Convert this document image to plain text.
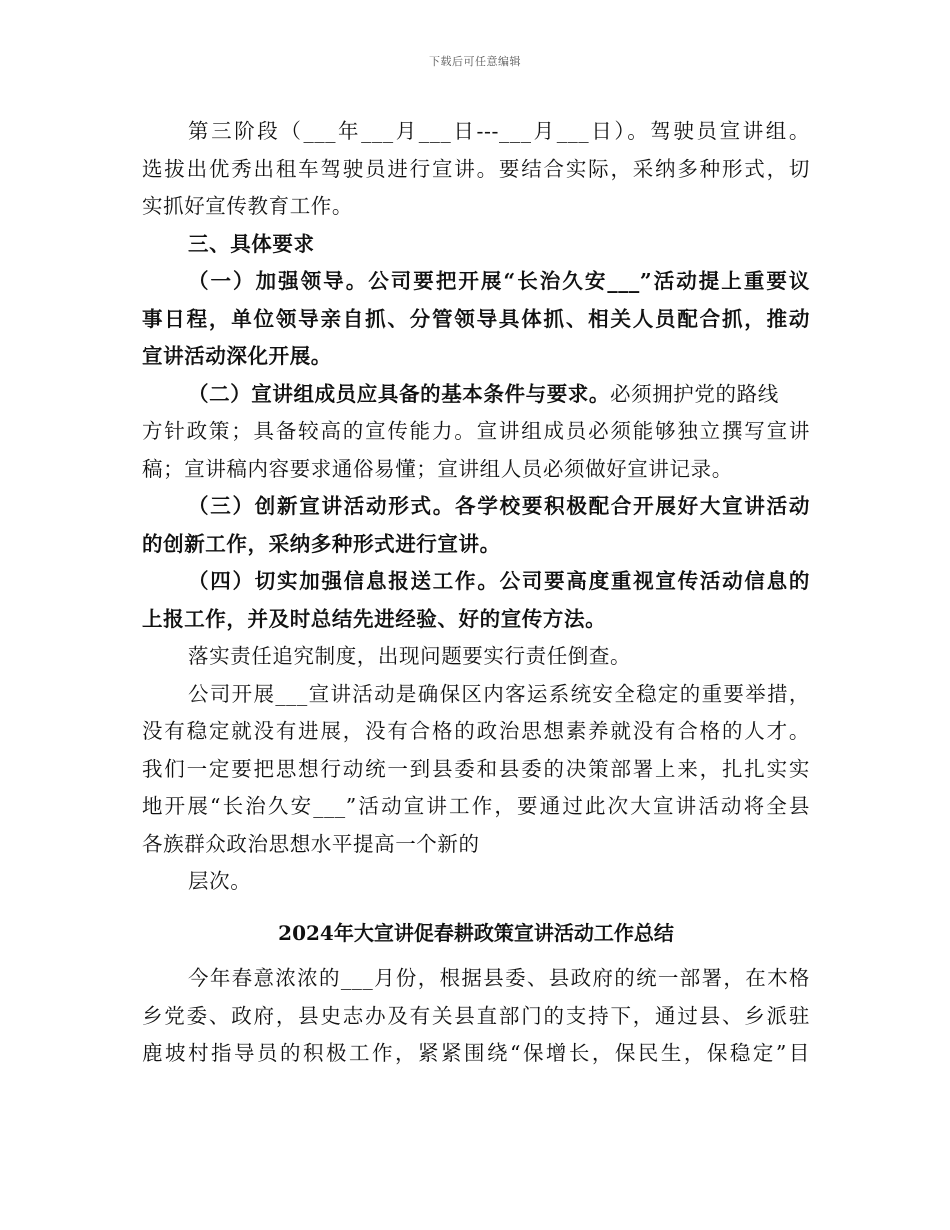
下载后可任意编辑
第三阶段（___年___月___日---___月___日）。驾驶员宣讲组。
选拔出优秀出租车驾驶员进行宣讲。要结合实际，采纳多种形式，切
实抓好宣传教育工作。
三、具体要求
（一）加强领导。公司要把开展“长治久安___”活动提上重要议
事日程，单位领导亲自抓、分管领导具体抓、相关人员配合抓，推动
宣讲活动深化开展。
（二）宣讲组成员应具备的基本条件与要求。必须拥护党的路线
方针政策；具备较高的宣传能力。宣讲组成员必须能够独立撰写宣讲
稿；宣讲稿内容要求通俗易懂；宣讲组人员必须做好宣讲记录。
（三）创新宣讲活动形式。各学校要积极配合开展好大宣讲活动
的创新工作，采纳多种形式进行宣讲。
（四）切实加强信息报送工作。公司要高度重视宣传活动信息的
上报工作，并及时总结先进经验、好的宣传方法。
落实责任追究制度，出现问题要实行责任倒查。
公司开展___宣讲活动是确保区内客运系统安全稳定的重要举措，
没有稳定就没有进展，没有合格的政治思想素养就没有合格的人才。
我们一定要把思想行动统一到县委和县委的决策部署上来，扎扎实实
地开展“长治久安___”活动宣讲工作，要通过此次大宣讲活动将全县
各族群众政治思想水平提高一个新的
层次。
2024年大宣讲促春耕政策宣讲活动工作总结
今年春意浓浓的___月份，根据县委、县政府的统一部署，在木格
乡党委、政府，县史志办及有关县直部门的支持下，通过县、乡派驻
鹿坡村指导员的积极工作，紧紧围绕“保增长，保民生，保稳定”目
